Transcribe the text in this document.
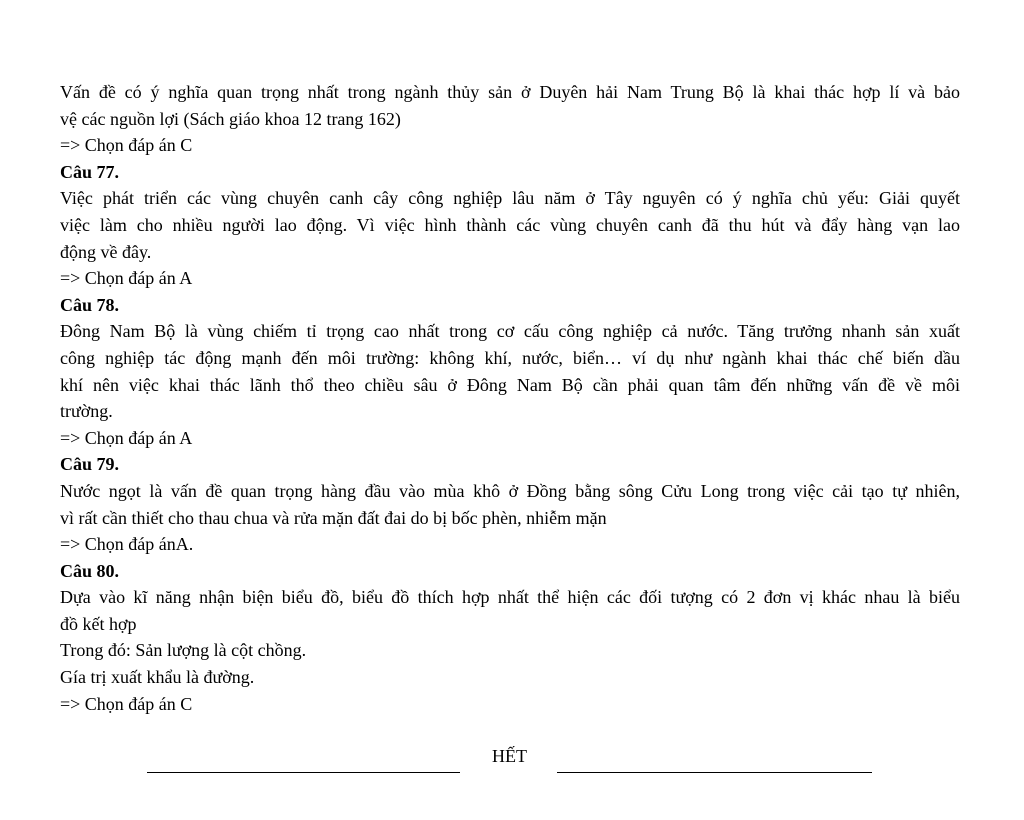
Vấn đề có ý nghĩa quan trọng nhất trong ngành thủy sản ở Duyên hải Nam Trung Bộ là khai thác hợp lí và bảo
vệ các nguồn lợi (Sách giáo khoa 12 trang 162)
=> Chọn đáp án C
Câu 77.
Việc phát triển các vùng chuyên canh cây công nghiệp lâu năm ở Tây nguyên có ý nghĩa chủ yếu: Giải quyết
việc làm cho nhiều người lao động. Vì việc hình thành các vùng chuyên canh đã thu hút và đẩy hàng vạn lao
động về đây.
=> Chọn đáp án A
Câu 78.
Đông Nam Bộ là vùng chiếm tỉ trọng cao nhất trong cơ cấu công nghiệp cả nước. Tăng trưởng nhanh sản xuất
công nghiệp tác động mạnh đến môi trường: không khí, nước, biển… ví dụ như ngành khai thác chế biến dầu
khí nên việc khai thác lãnh thổ theo chiều sâu ở Đông Nam Bộ cần phải quan tâm đến những vấn đề về môi
trường.
=> Chọn đáp án A
Câu 79.
Nước ngọt là vấn đề quan trọng hàng đầu vào mùa khô ở Đồng bằng sông Cửu Long trong việc cải tạo tự nhiên,
vì rất cần thiết cho thau chua và rửa mặn đất đai do bị bốc phèn, nhiễm mặn
=> Chọn đáp ánA.
Câu 80.
Dựa vào kĩ năng nhận biện biểu đồ, biểu đồ thích hợp nhất thể hiện các đối tượng có 2 đơn vị khác nhau là biểu
đồ kết hợp
Trong đó: Sản lượng là cột chồng.
Gía trị xuất khẩu là đường.
=> Chọn đáp án C
HẾT
